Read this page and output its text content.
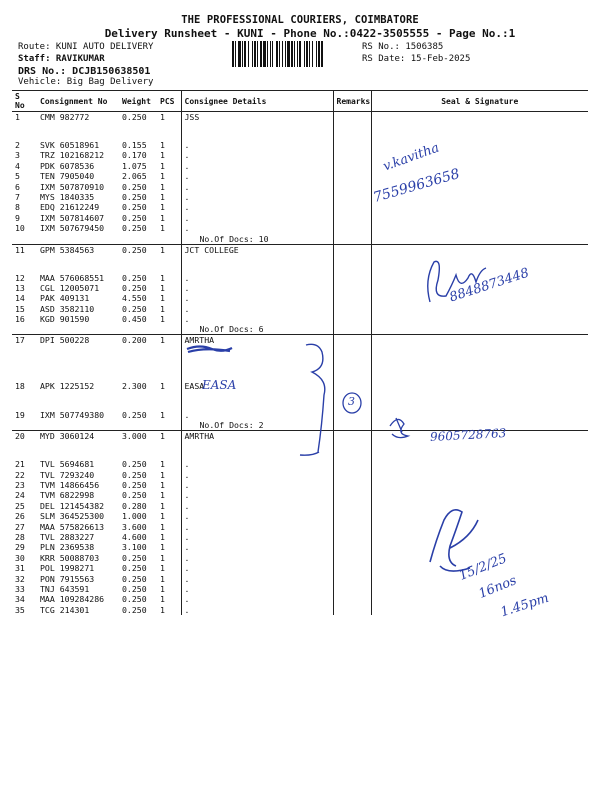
THE PROFESSIONAL COURIERS, COIMBATORE
Delivery Runsheet - KUNI - Phone No.:0422-3505555 - Page No.:1
Route: KUNI AUTO DELIVERY
Staff: RAVIKUMAR
DRS No.: DCJB150638501
Vehicle: Big Bag Delivery
RS No.: 1506385
RS Date: 15-Feb-2025
S No	Consignment No	Weight	PCS	Consignee Details	Remarks	Seal & Signature
1	CMM 982772	0.250	1	JSS		

2	SVK 60518961	0.155	1	.		
3	TRZ 102168212	0.170	1	.		
4	PDK 6078536	1.075	1	.		
5	TEN 7905040	2.065	1	.		
6	IXM 507870910	0.250	1	.		
7	MYS 1840335	0.250	1	.		
8	EDQ 21612249	0.250	1	.		
9	IXM 507814607	0.250	1	.		
10	IXM 507679450	0.250	1	.		
				No.Of Docs: 10		
11	GPM 5384563	0.250	1	JCT COLLEGE		

12	MAA 576068551	0.250	1	.		
13	CGL 12005071	0.250	1	.		
14	PAK 409131	4.550	1	.		
15	ASD 3582110	0.250	1	.		
16	KGD 901590	0.450	1	.		
				No.Of Docs: 6		
17	DPI 500228	0.200	1	AMRTHA		

18	APK 1225152	2.300	1	EASA		

19	IXM 507749380	0.250	1	.		
				No.Of Docs: 2		
20	MYD 3060124	3.000	1	AMRTHA		

21	TVL 5694681	0.250	1	.		
22	TVL 7293240	0.250	1	.		
23	TVM 14866456	0.250	1	.		
24	TVM 6822998	0.250	1	.		
25	DEL 121454382	0.280	1	.		
26	SLM 364525300	1.000	1	.		
27	MAA 575826613	3.600	1	.		
28	TVL 2883227	4.600	1	.		
29	PLN 2369538	3.100	1	.		
30	KRR 50088703	0.250	1	.		
31	POL 1998271	0.250	1	.		
32	PON 7915563	0.250	1	.		
33	TNJ 643591	0.250	1	.		
34	MAA 109284286	0.250	1	.		
35	TCG 214301	0.250	1	.		
v.kavitha
7559963658
8848873448
EASA
3
9605728763
15/2/25
16nos
1.45pm
